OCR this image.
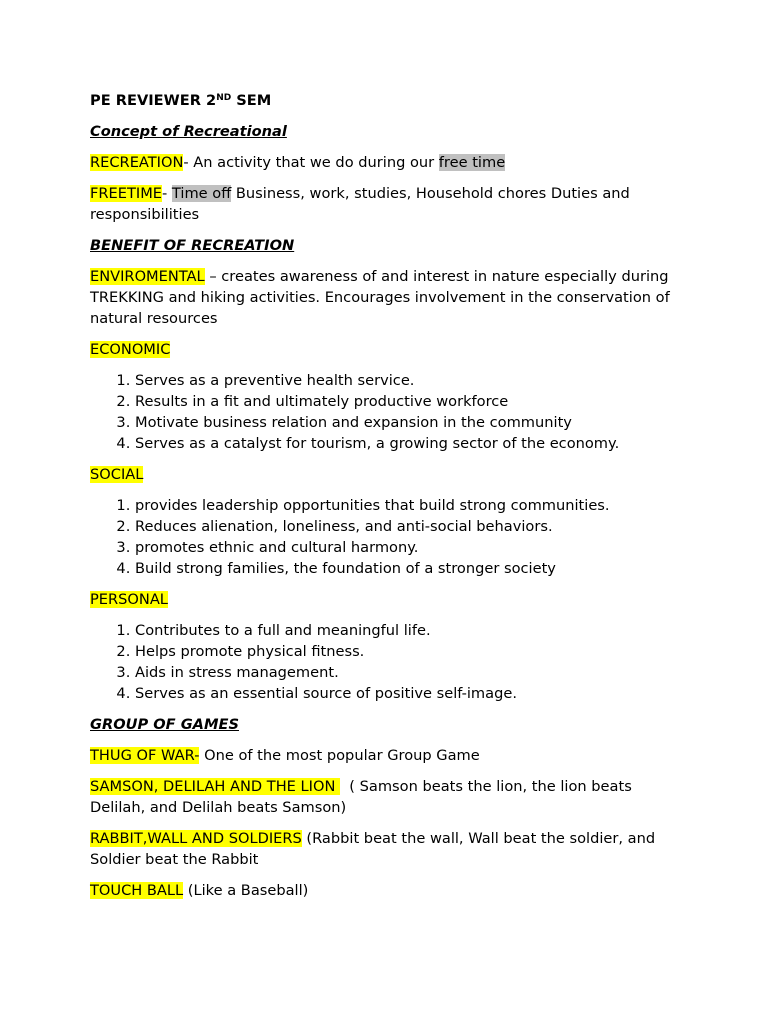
PE REVIEWER 2ND SEM
Concept of Recreational
RECREATION- An activity that we do during our free time
FREETIME- Time off Business, work, studies, Household chores Duties and responsibilities
BENEFIT OF RECREATION
ENVIROMENTAL – creates awareness of and interest in nature especially during TREKKING and hiking activities. Encourages involvement in the conservation of natural resources
ECONOMIC
1. Serves as a preventive health service.
2. Results in a fit and ultimately productive workforce
3. Motivate business relation and expansion in the community
4. Serves as a catalyst for tourism, a growing sector of the economy.
SOCIAL
1. provides leadership opportunities that build strong communities.
2. Reduces alienation, loneliness, and anti-social behaviors.
3. promotes ethnic and cultural harmony.
4. Build strong families, the foundation of a stronger society
PERSONAL
1. Contributes to a full and meaningful life.
2. Helps promote physical fitness.
3. Aids in stress management.
4. Serves as an essential source of positive self-image.
GROUP OF GAMES
THUG OF WAR- One of the most popular Group Game
SAMSON, DELILAH AND THE LION   ( Samson beats the lion, the lion beats Delilah, and Delilah beats Samson)
RABBIT,WALL AND SOLDIERS (Rabbit beat the wall, Wall beat the soldier, and Soldier beat the Rabbit
TOUCH BALL (Like a Baseball)
